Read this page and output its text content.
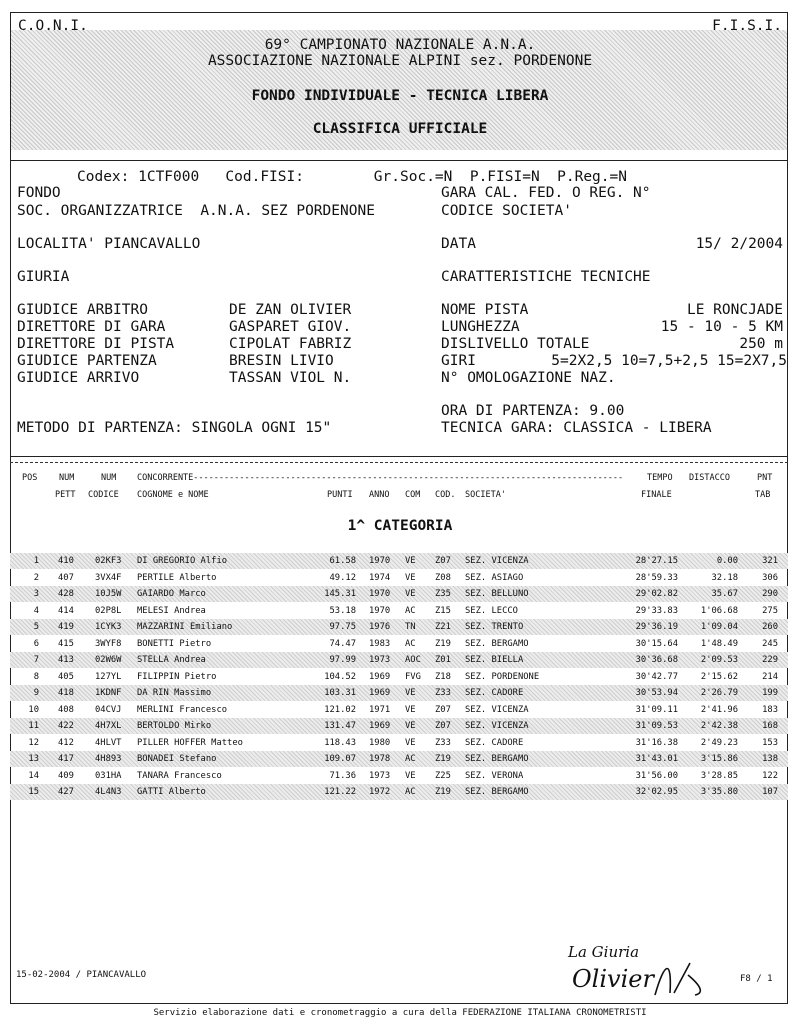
C.O.N.I.	F.I.S.I.
69° CAMPIONATO NAZIONALE A.N.A.
ASSOCIAZIONE NAZIONALE ALPINI sez. PORDENONE
FONDO INDIVIDUALE - TECNICA LIBERA
CLASSIFICA UFFICIALE
Codex: 1CTF000   Cod.FISI:        Gr.Soc.=N  P.FISI=N  P.Reg.=N
FONDO	GARA CAL. FED. O REG. N°
SOC. ORGANIZZATRICE  A.N.A. SEZ PORDENONE	CODICE SOCIETA'
LOCALITA' PIANCAVALLO	DATA	15/ 2/2004
GIURIA	CARATTERISTICHE TECNICHE
GIUDICE ARBITRO	DE ZAN OLIVIER
DIRETTORE DI GARA	GASPARET GIOV.
DIRETTORE DI PISTA	CIPOLAT FABRIZ
GIUDICE PARTENZA	BRESIN LIVIO
GIUDICE ARRIVO	TASSAN VIOL N.
NOME PISTA	LE RONCJADE
LUNGHEZZA	15 - 10 - 5 KM
DISLIVELLO TOTALE	250 m
GIRI	5=2X2,5 10=7,5+2,5 15=2X7,5
N° OMOLOGAZIONE NAZ.
ORA DI PARTENZA: 9.00
METODO DI PARTENZA: SINGOLA OGNI 15"	TECNICA GARA: CLASSICA - LIBERA
POS	NUM
PETT
NUM
CODICE
CONCORRENTE------------------------------------------------------------------------------------
COGNOME e NOME	PUNTI ANNO COM COD. SOCIETA'
TEMPO
FINALE
DISTACCO	PNT
TAB
1^ CATEGORIA
1 410	02KF3	DI GREGORIO Alfio	61.58 1970	VE	Z07	SEZ. VICENZA	28'27.15	0.00	321
2 407	3VX4F	PERTILE Alberto	49.12 1974	VE	Z08	SEZ. ASIAGO	28'59.33	32.18	306
3 428	10J5W	GAIARDO Marco	145.31 1970	VE	Z35	SEZ. BELLUNO	29'02.82	35.67	290
4 414	02P8L	MELESI Andrea	53.18 1970	AC	Z15	SEZ. LECCO	29'33.83	1'06.68	275
5 419	1CYK3	MAZZARINI Emiliano	97.75 1976	TN	Z21	SEZ. TRENTO	29'36.19	1'09.04	260
6 415	3WYF8	BONETTI Pietro	74.47 1983	AC	Z19	SEZ. BERGAMO	30'15.64	1'48.49	245
7 413	02W6W	STELLA Andrea	97.99 1973	AOC	Z01	SEZ. BIELLA	30'36.68	2'09.53	229
8 405	127YL	FILIPPIN Pietro	104.52 1969	FVG	Z18	SEZ. PORDENONE	30'42.77	2'15.62	214
9 418	1KDNF	DA RIN Massimo	103.31 1969	VE	Z33	SEZ. CADORE	30'53.94	2'26.79	199
10 408	04CVJ	MERLINI Francesco	121.02 1971	VE	Z07	SEZ. VICENZA	31'09.11	2'41.96	183
11 422	4H7XL	BERTOLDO Mirko	131.47 1969	VE	Z07	SEZ. VICENZA	31'09.53	2'42.38	168
12 412	4HLVT	PILLER HOFFER Matteo	118.43 1980	VE	Z33	SEZ. CADORE	31'16.38	2'49.23	153
13 417	4H893	BONADEI Stefano	109.07 1978	AC	Z19	SEZ. BERGAMO	31'43.01	3'15.86	138
14 409	031HA	TANARA Francesco	71.36 1973	VE	Z25	SEZ. VERONA	31'56.00	3'28.85	122
15 427	4L4N3	GATTI Alberto	121.22 1972	AC	Z19	SEZ. BERGAMO	32'02.95	3'35.80	107
15-02-2004 / PIANCAVALLO	F8 / 1
La Giuria
Olivier
Servizio elaborazione dati e cronometraggio a cura della FEDERAZIONE ITALIANA CRONOMETRISTI
